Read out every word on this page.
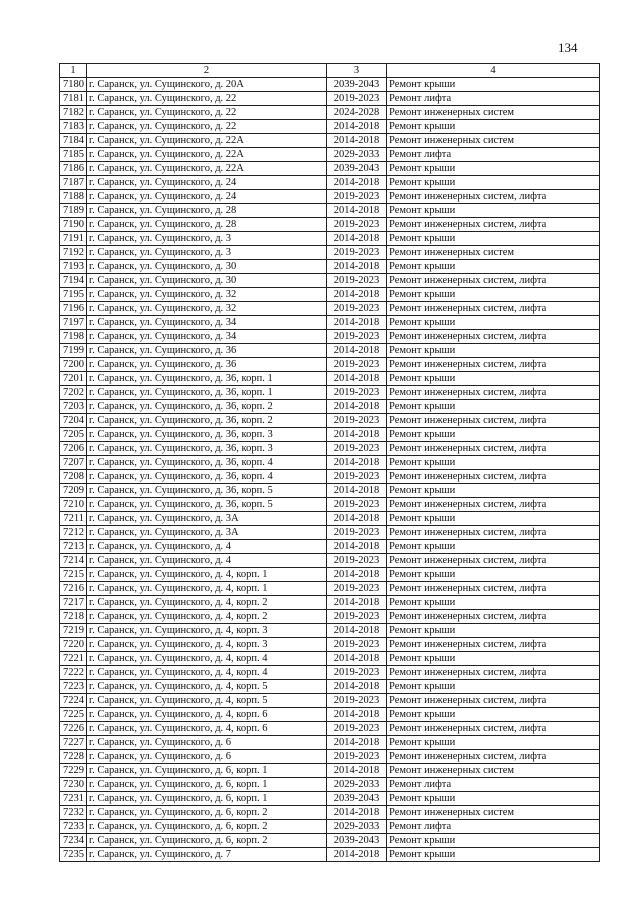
134
1	2	3	4
7180	г. Саранск, ул. Сущинского, д. 20А	2039-2043	Ремонт крыши
7181	г. Саранск, ул. Сущинского, д. 22	2019-2023	Ремонт лифта
7182	г. Саранск, ул. Сущинского, д. 22	2024-2028	Ремонт инженерных систем
7183	г. Саранск, ул. Сущинского, д. 22	2014-2018	Ремонт крыши
7184	г. Саранск, ул. Сущинского, д. 22А	2014-2018	Ремонт инженерных систем
7185	г. Саранск, ул. Сущинского, д. 22А	2029-2033	Ремонт лифта
7186	г. Саранск, ул. Сущинского, д. 22А	2039-2043	Ремонт крыши
7187	г. Саранск, ул. Сущинского, д. 24	2014-2018	Ремонт крыши
7188	г. Саранск, ул. Сущинского, д. 24	2019-2023	Ремонт инженерных систем, лифта
7189	г. Саранск, ул. Сущинского, д. 28	2014-2018	Ремонт крыши
7190	г. Саранск, ул. Сущинского, д. 28	2019-2023	Ремонт инженерных систем, лифта
7191	г. Саранск, ул. Сущинского, д. 3	2014-2018	Ремонт крыши
7192	г. Саранск, ул. Сущинского, д. 3	2019-2023	Ремонт инженерных систем
7193	г. Саранск, ул. Сущинского, д. 30	2014-2018	Ремонт крыши
7194	г. Саранск, ул. Сущинского, д. 30	2019-2023	Ремонт инженерных систем, лифта
7195	г. Саранск, ул. Сущинского, д. 32	2014-2018	Ремонт крыши
7196	г. Саранск, ул. Сущинского, д. 32	2019-2023	Ремонт инженерных систем, лифта
7197	г. Саранск, ул. Сущинского, д. 34	2014-2018	Ремонт крыши
7198	г. Саранск, ул. Сущинского, д. 34	2019-2023	Ремонт инженерных систем, лифта
7199	г. Саранск, ул. Сущинского, д. 36	2014-2018	Ремонт крыши
7200	г. Саранск, ул. Сущинского, д. 36	2019-2023	Ремонт инженерных систем, лифта
7201	г. Саранск, ул. Сущинского, д. 36, корп. 1	2014-2018	Ремонт крыши
7202	г. Саранск, ул. Сущинского, д. 36, корп. 1	2019-2023	Ремонт инженерных систем, лифта
7203	г. Саранск, ул. Сущинского, д. 36, корп. 2	2014-2018	Ремонт крыши
7204	г. Саранск, ул. Сущинского, д. 36, корп. 2	2019-2023	Ремонт инженерных систем, лифта
7205	г. Саранск, ул. Сущинского, д. 36, корп. 3	2014-2018	Ремонт крыши
7206	г. Саранск, ул. Сущинского, д. 36, корп. 3	2019-2023	Ремонт инженерных систем, лифта
7207	г. Саранск, ул. Сущинского, д. 36, корп. 4	2014-2018	Ремонт крыши
7208	г. Саранск, ул. Сущинского, д. 36, корп. 4	2019-2023	Ремонт инженерных систем, лифта
7209	г. Саранск, ул. Сущинского, д. 36, корп. 5	2014-2018	Ремонт крыши
7210	г. Саранск, ул. Сущинского, д. 36, корп. 5	2019-2023	Ремонт инженерных систем, лифта
7211	г. Саранск, ул. Сущинского, д. 3А	2014-2018	Ремонт крыши
7212	г. Саранск, ул. Сущинского, д. 3А	2019-2023	Ремонт инженерных систем, лифта
7213	г. Саранск, ул. Сущинского, д. 4	2014-2018	Ремонт крыши
7214	г. Саранск, ул. Сущинского, д. 4	2019-2023	Ремонт инженерных систем, лифта
7215	г. Саранск, ул. Сущинского, д. 4, корп. 1	2014-2018	Ремонт крыши
7216	г. Саранск, ул. Сущинского, д. 4, корп. 1	2019-2023	Ремонт инженерных систем, лифта
7217	г. Саранск, ул. Сущинского, д. 4, корп. 2	2014-2018	Ремонт крыши
7218	г. Саранск, ул. Сущинского, д. 4, корп. 2	2019-2023	Ремонт инженерных систем, лифта
7219	г. Саранск, ул. Сущинского, д. 4, корп. 3	2014-2018	Ремонт крыши
7220	г. Саранск, ул. Сущинского, д. 4, корп. 3	2019-2023	Ремонт инженерных систем, лифта
7221	г. Саранск, ул. Сущинского, д. 4, корп. 4	2014-2018	Ремонт крыши
7222	г. Саранск, ул. Сущинского, д. 4, корп. 4	2019-2023	Ремонт инженерных систем, лифта
7223	г. Саранск, ул. Сущинского, д. 4, корп. 5	2014-2018	Ремонт крыши
7224	г. Саранск, ул. Сущинского, д. 4, корп. 5	2019-2023	Ремонт инженерных систем, лифта
7225	г. Саранск, ул. Сущинского, д. 4, корп. 6	2014-2018	Ремонт крыши
7226	г. Саранск, ул. Сущинского, д. 4, корп. 6	2019-2023	Ремонт инженерных систем, лифта
7227	г. Саранск, ул. Сущинского, д. 6	2014-2018	Ремонт крыши
7228	г. Саранск, ул. Сущинского, д. 6	2019-2023	Ремонт инженерных систем, лифта
7229	г. Саранск, ул. Сущинского, д. 6, корп. 1	2014-2018	Ремонт инженерных систем
7230	г. Саранск, ул. Сущинского, д. 6, корп. 1	2029-2033	Ремонт лифта
7231	г. Саранск, ул. Сущинского, д. 6, корп. 1	2039-2043	Ремонт крыши
7232	г. Саранск, ул. Сущинского, д. 6, корп. 2	2014-2018	Ремонт инженерных систем
7233	г. Саранск, ул. Сущинского, д. 6, корп. 2	2029-2033	Ремонт лифта
7234	г. Саранск, ул. Сущинского, д. 6, корп. 2	2039-2043	Ремонт крыши
7235	г. Саранск, ул. Сущинского, д. 7	2014-2018	Ремонт крыши
